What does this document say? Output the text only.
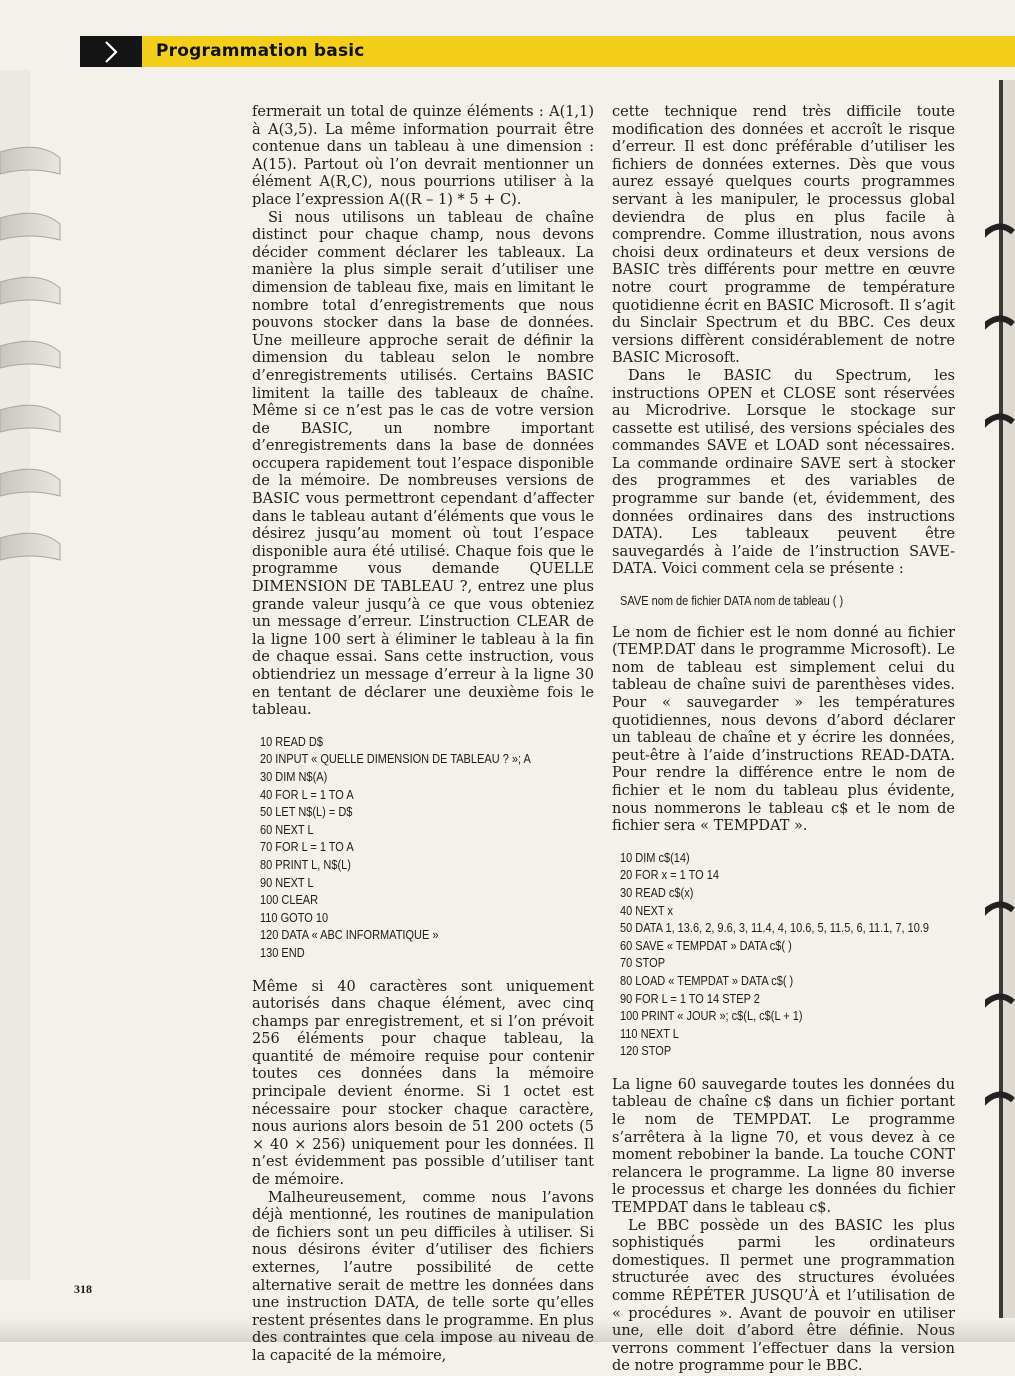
Programmation basic

fermerait un total de quinze éléments : A(1,1) à A(3,5). La même information pourrait être contenue dans un tableau à une dimension : A(15). Partout où l’on devrait mentionner un élément A(R,C), nous pourrions utiliser à la place l’expression A((R – 1) * 5 + C).

Si nous utilisons un tableau de chaîne distinct pour chaque champ, nous devons décider comment déclarer les tableaux. La manière la plus simple serait d’utiliser une dimension de tableau fixe, mais en limitant le nombre total d’enregistrements que nous pouvons stocker dans la base de données. Une meilleure approche serait de définir la dimension du tableau selon le nombre d’enregistrements utilisés. Certains BASIC limitent la taille des tableaux de chaîne. Même si ce n’est pas le cas de votre version de BASIC, un nombre important d’enregistrements dans la base de données occupera rapidement tout l’espace disponible de la mémoire. De nombreuses versions de BASIC vous permettront cependant d’affecter dans le tableau autant d’éléments que vous le désirez jusqu’au moment où tout l’espace disponible aura été utilisé. Chaque fois que le programme vous demande QUELLE DIMENSION DE TABLEAU ?, entrez une plus grande valeur jusqu’à ce que vous obteniez un message d’erreur. L’instruction CLEAR de la ligne 100 sert à éliminer le tableau à la fin de chaque essai. Sans cette instruction, vous obtiendriez un message d’erreur à la ligne 30 en tentant de déclarer une deuxième fois le tableau.

10 READ D$
20 INPUT « QUELLE DIMENSION DE TABLEAU ? »; A
30 DIM N$(A)
40 FOR L = 1 TO A
50 LET N$(L) = D$
60 NEXT L
70 FOR L = 1 TO A
80 PRINT L, N$(L)
90 NEXT L
100 CLEAR
110 GOTO 10
120 DATA « ABC INFORMATIQUE »
130 END

Même si 40 caractères sont uniquement autorisés dans chaque élément, avec cinq champs par enregistrement, et si l’on prévoit 256 éléments pour chaque tableau, la quantité de mémoire requise pour contenir toutes ces données dans la mémoire principale devient énorme. Si 1 octet est nécessaire pour stocker chaque caractère, nous aurions alors besoin de 51 200 octets (5 × 40 × 256) uniquement pour les données. Il n’est évidemment pas possible d’utiliser tant de mémoire.

Malheureusement, comme nous l’avons déjà mentionné, les routines de manipulation de fichiers sont un peu difficiles à utiliser. Si nous désirons éviter d’utiliser des fichiers externes, l’autre possibilité de cette alternative serait de mettre les données dans une instruction DATA, de telle sorte qu’elles restent présentes dans le programme. En plus des contraintes que cela impose au niveau de la capacité de la mémoire,

cette technique rend très difficile toute modification des données et accroît le risque d’erreur. Il est donc préférable d’utiliser les fichiers de données externes. Dès que vous aurez essayé quelques courts programmes servant à les manipuler, le processus global deviendra de plus en plus facile à comprendre. Comme illustration, nous avons choisi deux ordinateurs et deux versions de BASIC très différents pour mettre en œuvre notre court programme de température quotidienne écrit en BASIC Microsoft. Il s’agit du Sinclair Spectrum et du BBC. Ces deux versions diffèrent considérablement de notre BASIC Microsoft.

Dans le BASIC du Spectrum, les instructions OPEN et CLOSE sont réservées au Microdrive. Lorsque le stockage sur cassette est utilisé, des versions spéciales des commandes SAVE et LOAD sont nécessaires. La commande ordinaire SAVE sert à stocker des programmes et des variables de programme sur bande (et, évidemment, des données ordinaires dans des instructions DATA). Les tableaux peuvent être sauvegardés à l’aide de l’instruction SAVE-DATA. Voici comment cela se présente :

SAVE nom de fichier DATA nom de tableau ( )

Le nom de fichier est le nom donné au fichier (TEMP.DAT dans le programme Microsoft). Le nom de tableau est simplement celui du tableau de chaîne suivi de parenthèses vides. Pour « sauvegarder » les températures quotidiennes, nous devons d’abord déclarer un tableau de chaîne et y écrire les données, peut-être à l’aide d’instructions READ-DATA. Pour rendre la différence entre le nom de fichier et le nom du tableau plus évidente, nous nommerons le tableau c$ et le nom de fichier sera « TEMPDAT ».

10 DIM c$(14)
20 FOR x = 1 TO 14
30 READ c$(x)
40 NEXT x
50 DATA 1, 13.6, 2, 9.6, 3, 11.4, 4, 10.6, 5, 11.5, 6, 11.1, 7, 10.9
60 SAVE « TEMPDAT » DATA c$( )
70 STOP
80 LOAD « TEMPDAT » DATA c$( )
90 FOR L = 1 TO 14 STEP 2
100 PRINT « JOUR »; c$(L, c$(L + 1)
110 NEXT L
120 STOP

La ligne 60 sauvegarde toutes les données du tableau de chaîne c$ dans un fichier portant le nom de TEMPDAT. Le programme s’arrêtera à la ligne 70, et vous devez à ce moment rebobiner la bande. La touche CONT relancera le programme. La ligne 80 inverse le processus et charge les données du fichier TEMPDAT dans le tableau c$.

Le BBC possède un des BASIC les plus sophistiqués parmi les ordinateurs domestiques. Il permet une programmation structurée avec des structures évoluées comme RÉPÉTER JUSQU’À et l’utilisation de « procédures ». Avant de pouvoir en utiliser une, elle doit d’abord être définie. Nous verrons comment l’effectuer dans la version de notre programme pour le BBC.

318
